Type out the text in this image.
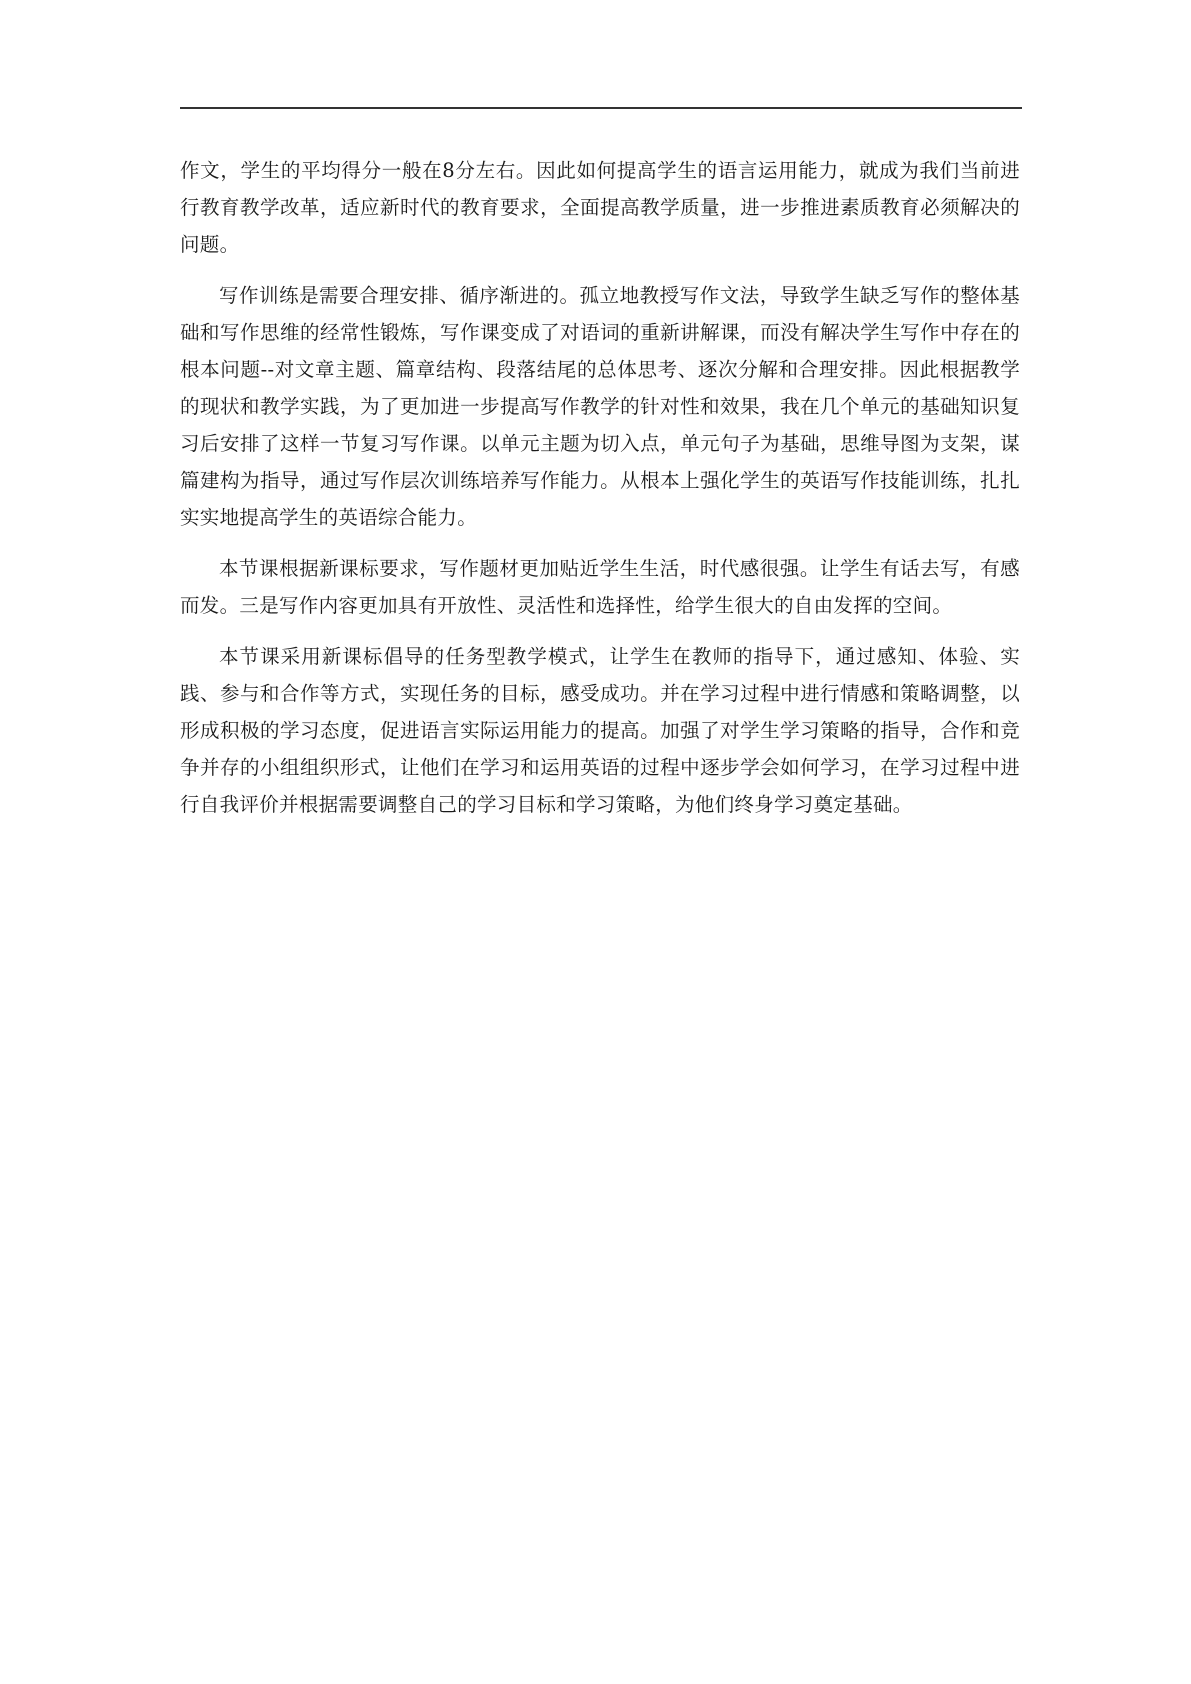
作文，学生的平均得分一般在8分左右。因此如何提高学生的语言运用能力，就成为我们当前进行教育教学改革，适应新时代的教育要求，全面提高教学质量，进一步推进素质教育必须解决的问题。

写作训练是需要合理安排、循序渐进的。孤立地教授写作文法，导致学生缺乏写作的整体基础和写作思维的经常性锻炼，写作课变成了对语词的重新讲解课，而没有解决学生写作中存在的根本问题--对文章主题、篇章结构、段落结尾的总体思考、逐次分解和合理安排。因此根据教学的现状和教学实践，为了更加进一步提高写作教学的针对性和效果，我在几个单元的基础知识复习后安排了这样一节复习写作课。以单元主题为切入点，单元句子为基础，思维导图为支架，谋篇建构为指导，通过写作层次训练培养写作能力。从根本上强化学生的英语写作技能训练，扎扎实实地提高学生的英语综合能力。

本节课根据新课标要求，写作题材更加贴近学生生活，时代感很强。让学生有话去写，有感而发。三是写作内容更加具有开放性、灵活性和选择性，给学生很大的自由发挥的空间。

本节课采用新课标倡导的任务型教学模式，让学生在教师的指导下，通过感知、体验、实践、参与和合作等方式，实现任务的目标，感受成功。并在学习过程中进行情感和策略调整，以形成积极的学习态度，促进语言实际运用能力的提高。加强了对学生学习策略的指导，合作和竞争并存的小组组织形式，让他们在学习和运用英语的过程中逐步学会如何学习，在学习过程中进行自我评价并根据需要调整自己的学习目标和学习策略，为他们终身学习奠定基础。
